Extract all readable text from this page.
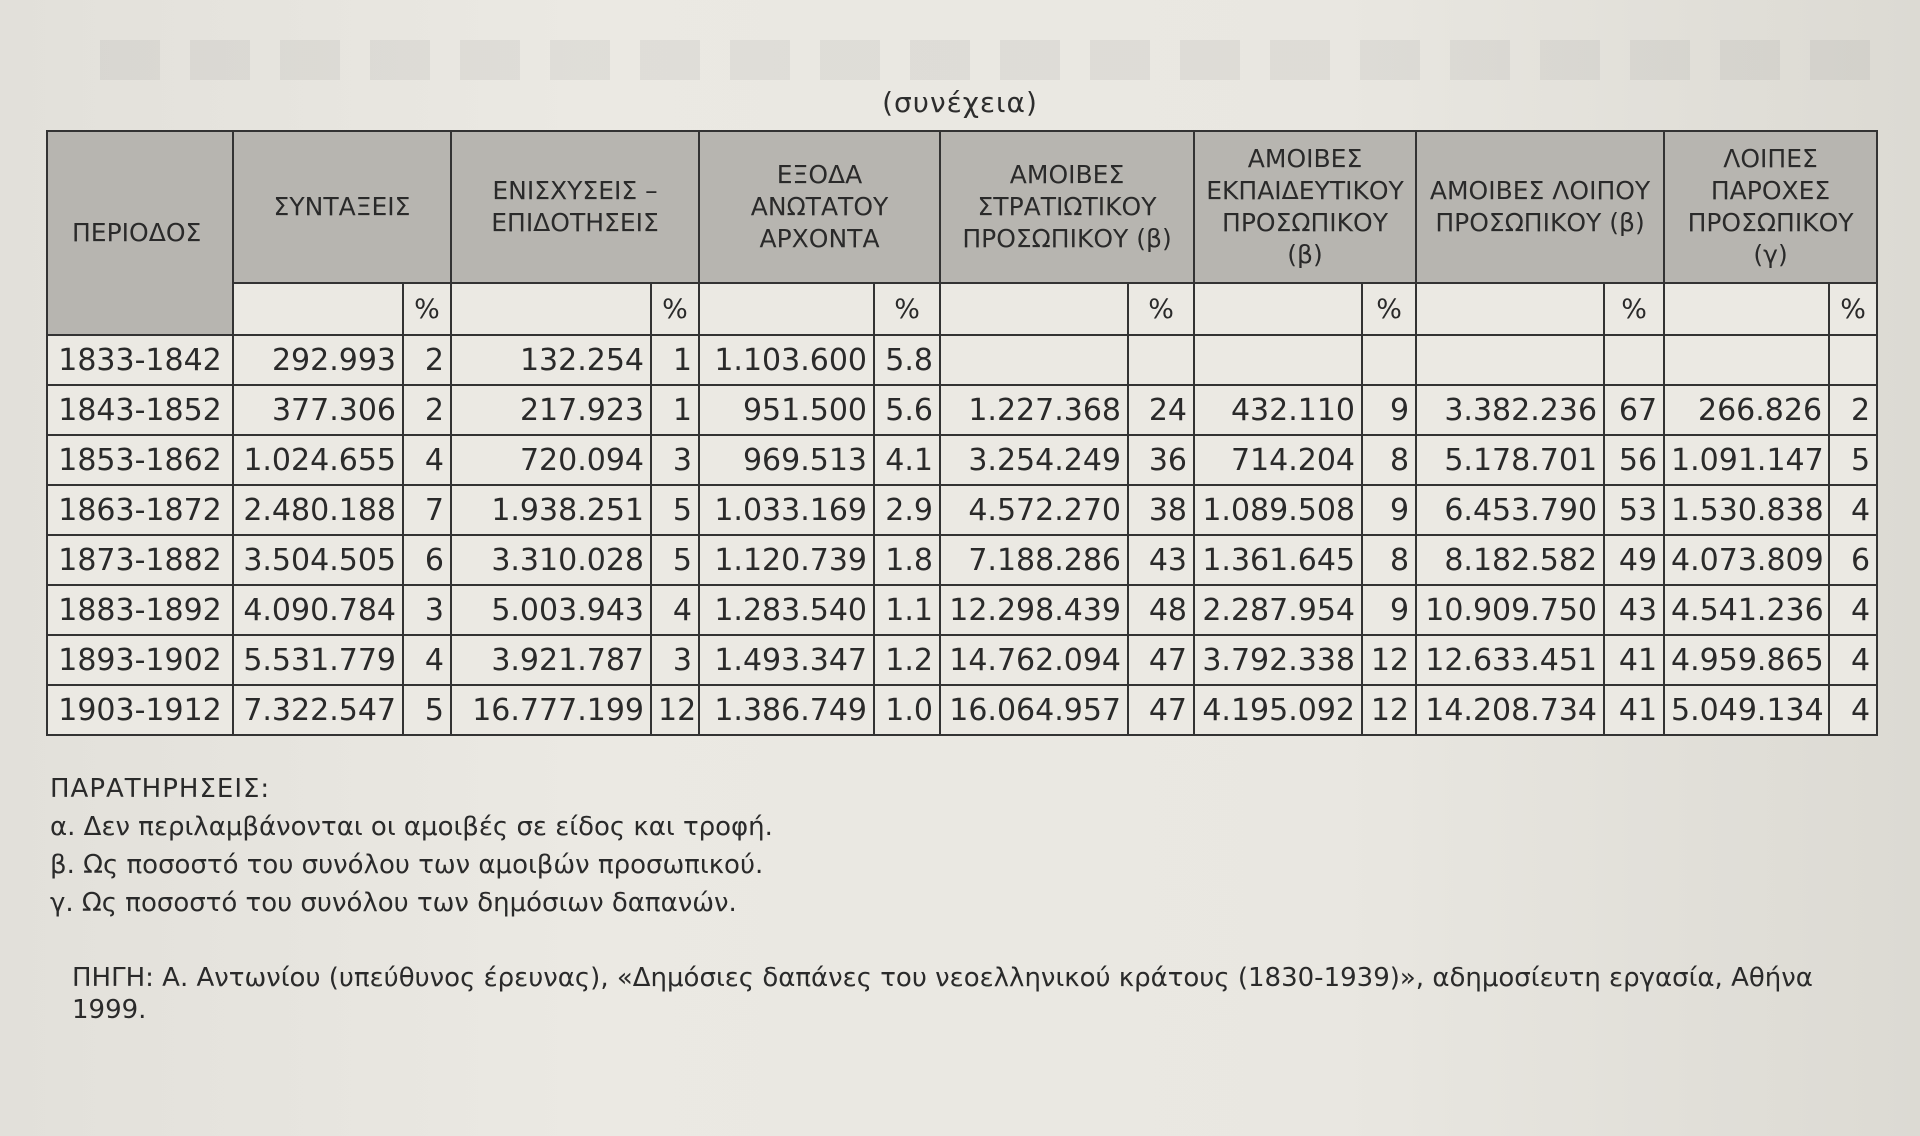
(συνέχεια)
ΠΕΡΙΟΔΟΣ	ΣΥΝΤΑΞΕΙΣ		ΕΝΙΣΧΥΣΕΙΣ – ΕΠΙΔΟΤΗΣΕΙΣ		ΕΞΟΔΑ ΑΝΩΤΑΤΟΥ ΑΡΧΟΝΤΑ		ΑΜΟΙΒΕΣ ΣΤΡΑΤΙΩΤΙΚΟΥ ΠΡΟΣΩΠΙΚΟΥ (β)		ΑΜΟΙΒΕΣ ΕΚΠΑΙΔΕΥΤΙΚΟΥ ΠΡΟΣΩΠΙΚΟΥ (β)		ΑΜΟΙΒΕΣ ΛΟΙΠΟΥ ΠΡΟΣΩΠΙΚΟΥ (β)		ΛΟΙΠΕΣ ΠΑΡΟΧΕΣ ΠΡΟΣΩΠΙΚΟΥ (γ)	
		%		%		%		%		%		%		%
1833-1842	292.993	2	132.254	1	1.103.600	5.8								
1843-1852	377.306	2	217.923	1	951.500	5.6	1.227.368	24	432.110	9	3.382.236	67	266.826	2
1853-1862	1.024.655	4	720.094	3	969.513	4.1	3.254.249	36	714.204	8	5.178.701	56	1.091.147	5
1863-1872	2.480.188	7	1.938.251	5	1.033.169	2.9	4.572.270	38	1.089.508	9	6.453.790	53	1.530.838	4
1873-1882	3.504.505	6	3.310.028	5	1.120.739	1.8	7.188.286	43	1.361.645	8	8.182.582	49	4.073.809	6
1883-1892	4.090.784	3	5.003.943	4	1.283.540	1.1	12.298.439	48	2.287.954	9	10.909.750	43	4.541.236	4
1893-1902	5.531.779	4	3.921.787	3	1.493.347	1.2	14.762.094	47	3.792.338	12	12.633.451	41	4.959.865	4
1903-1912	7.322.547	5	16.777.199	12	1.386.749	1.0	16.064.957	47	4.195.092	12	14.208.734	41	5.049.134	4
ΠΑΡΑΤΗΡΗΣΕΙΣ:
α. Δεν περιλαμβάνονται οι αμοιβές σε είδος και τροφή.
β. Ως ποσοστό του συνόλου των αμοιβών προσωπικού.
γ. Ως ποσοστό του συνόλου των δημόσιων δαπανών.
ΠΗΓΗ: Α. Αντωνίου (υπεύθυνος έρευνας), «Δημόσιες δαπάνες του νεοελληνικού κράτους (1830-1939)», αδημοσίευτη εργασία, Αθήνα 1999.
